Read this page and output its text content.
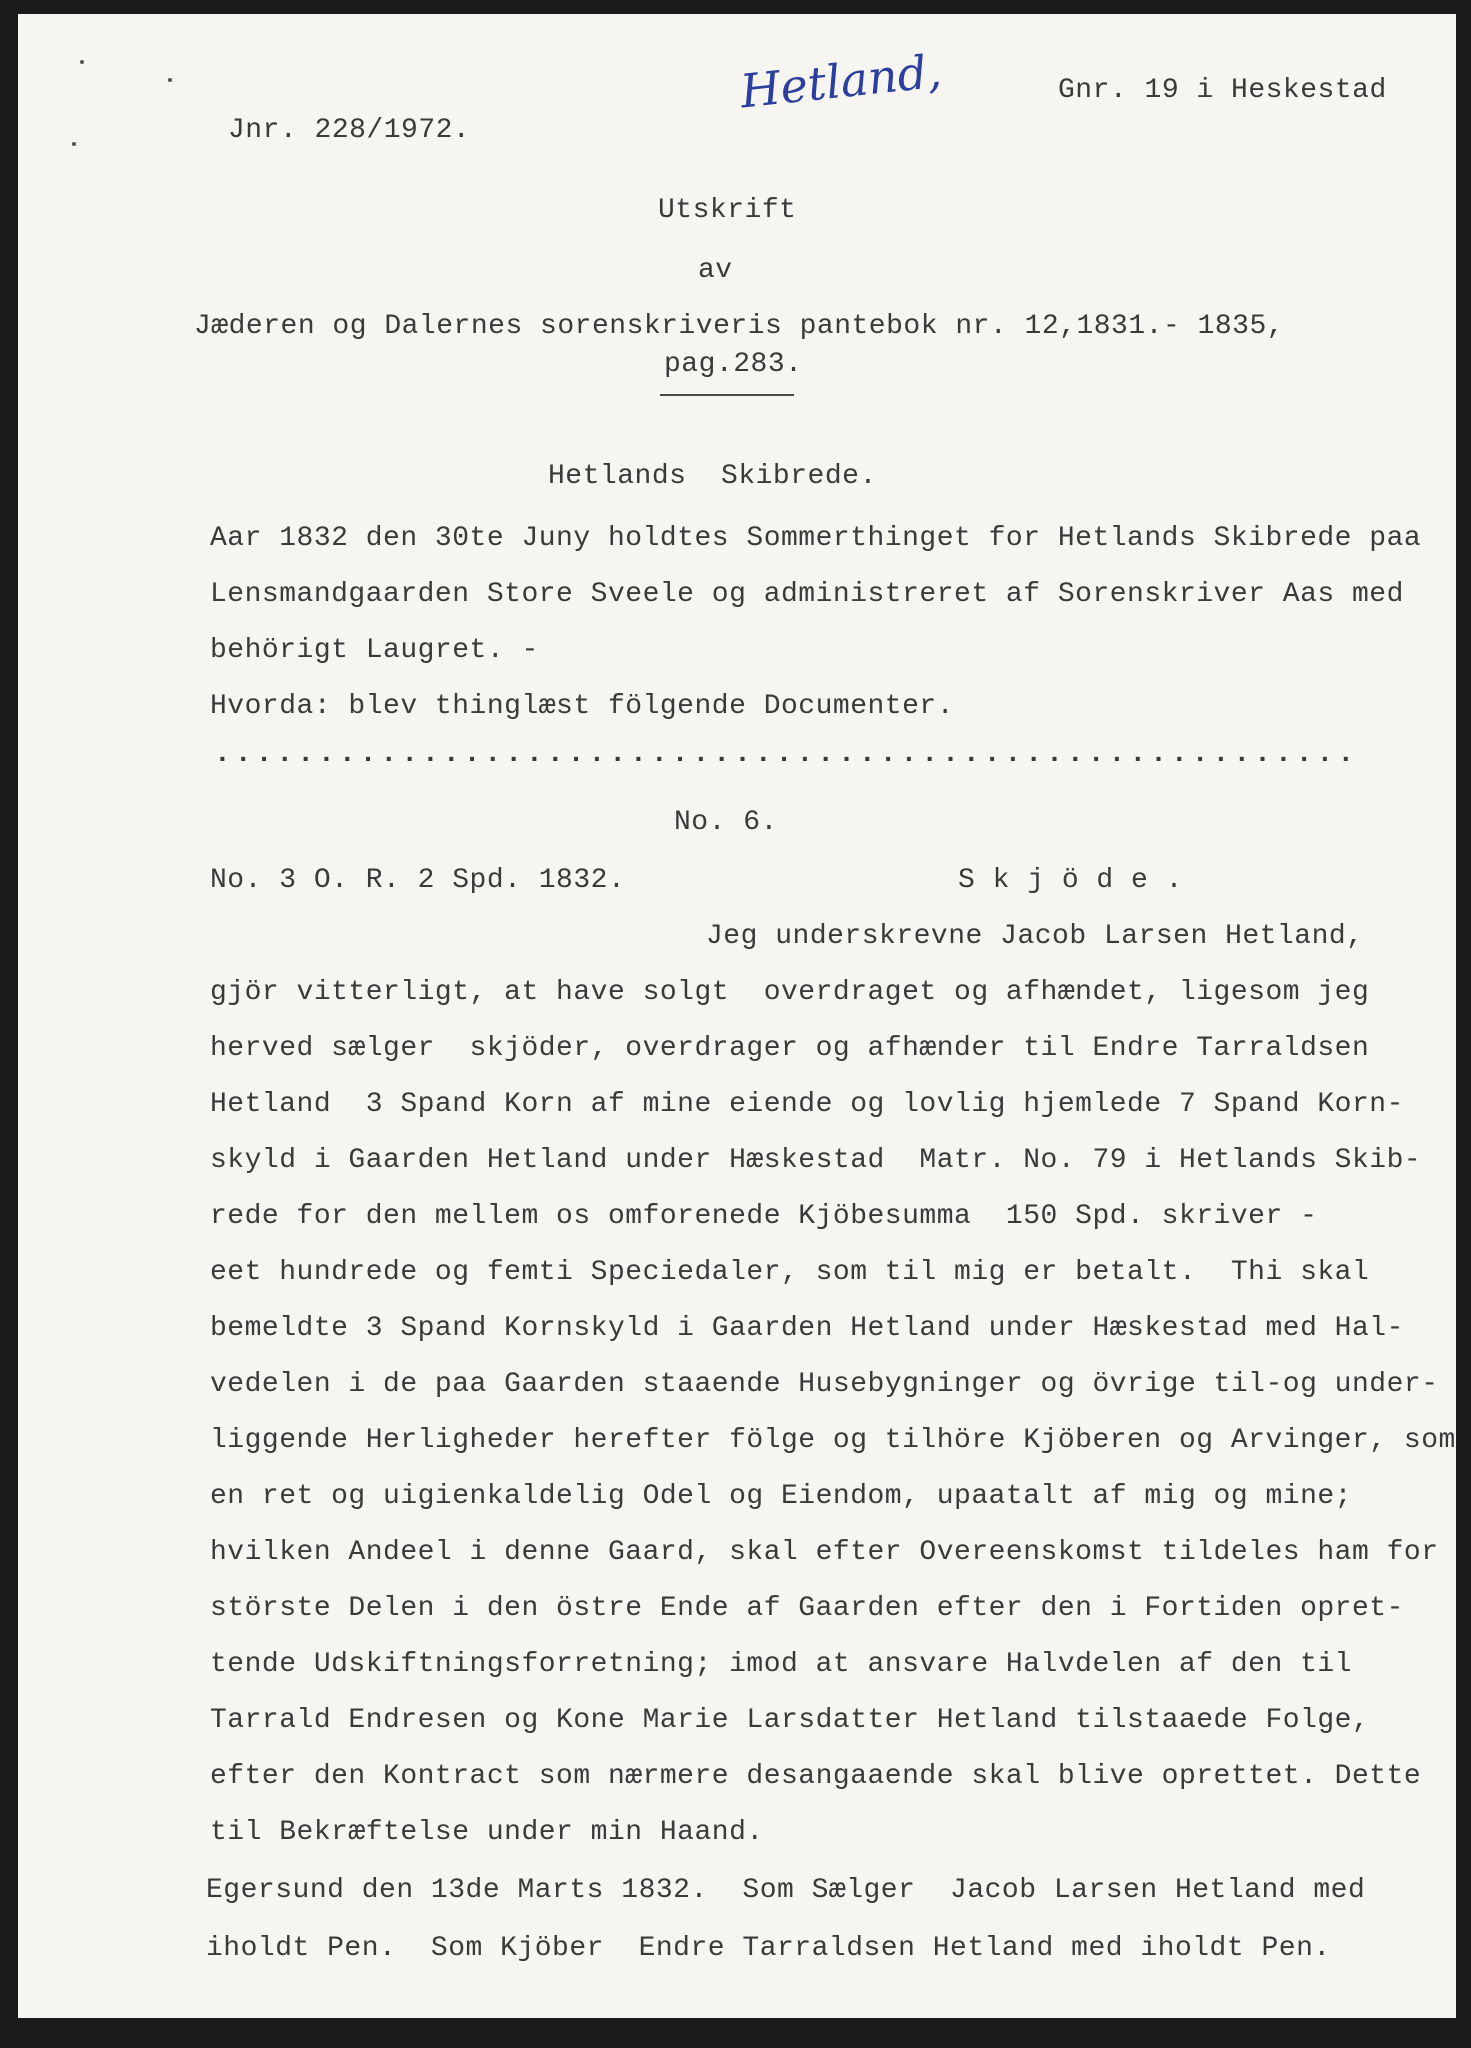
Hetland,	Gnr. 19 i Heskestad
Jnr. 228/1972.
Utskrift
av
Jæderen og Dalernes sorenskriveris pantebok nr. 12,1831.- 1835,
pag.283.
Hetlands  Skibrede.
Aar 1832 den 30te Juny holdtes Sommerthinget for Hetlands Skibrede paa
Lensmandgaarden Store Sveele og administreret af Sorenskriver Aas med
behörigt Laugret. -
Hvorda: blev thinglæst fölgende Documenter.
.......................................................
No. 6.
No. 3 O. R. 2 Spd. 1832.	S k j ö d e .
Jeg underskrevne Jacob Larsen Hetland,
gjör vitterligt, at have solgt  overdraget og afhændet, ligesom jeg
herved sælger  skjöder, overdrager og afhænder til Endre Tarraldsen
Hetland  3 Spand Korn af mine eiende og lovlig hjemlede 7 Spand Korn-
skyld i Gaarden Hetland under Hæskestad  Matr. No. 79 i Hetlands Skib-
rede for den mellem os omforenede Kjöbesumma  150 Spd. skriver -
eet hundrede og femti Speciedaler, som til mig er betalt.  Thi skal
bemeldte 3 Spand Kornskyld i Gaarden Hetland under Hæskestad med Hal-
vedelen i de paa Gaarden staaende Husebygninger og övrige til-og under-
liggende Herligheder herefter fölge og tilhöre Kjöberen og Arvinger, som
en ret og uigienkaldelig Odel og Eiendom, upaatalt af mig og mine;
hvilken Andeel i denne Gaard, skal efter Overeenskomst tildeles ham for
störste Delen i den östre Ende af Gaarden efter den i Fortiden opret-
tende Udskiftningsforretning; imod at ansvare Halvdelen af den til
Tarrald Endresen og Kone Marie Larsdatter Hetland tilstaaede Folge,
efter den Kontract som nærmere desangaaende skal blive oprettet. Dette
til Bekræftelse under min Haand.
Egersund den 13de Marts 1832.  Som Sælger  Jacob Larsen Hetland med
iholdt Pen.  Som Kjöber  Endre Tarraldsen Hetland med iholdt Pen.
